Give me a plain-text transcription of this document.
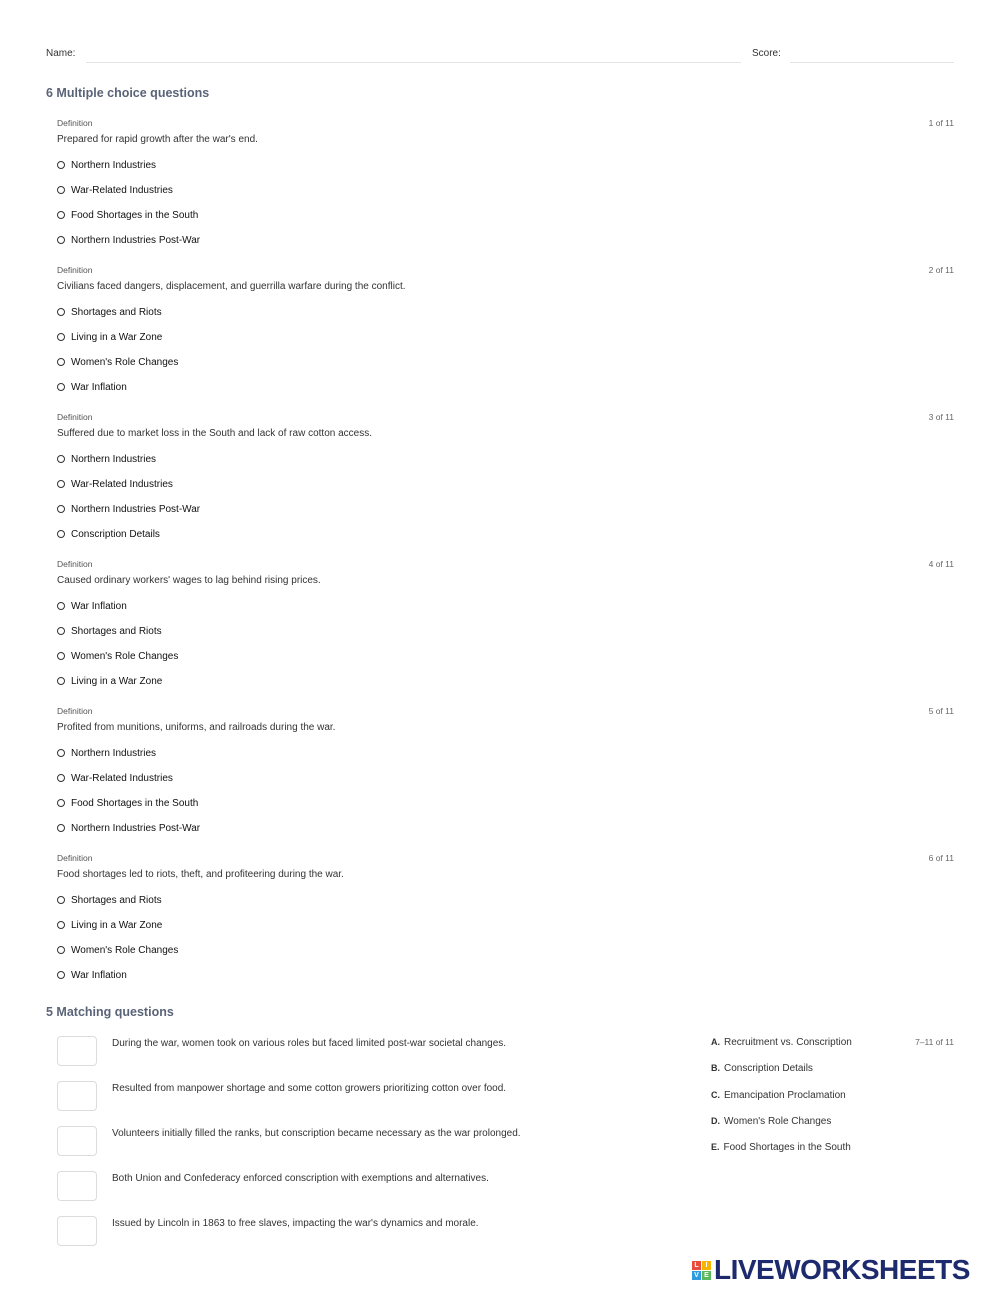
Name:	Score:
6 Multiple choice questions
Definition	1 of 11
Prepared for rapid growth after the war's end.
Northern Industries
War-Related Industries
Food Shortages in the South
Northern Industries Post-War
Definition	2 of 11
Civilians faced dangers, displacement, and guerrilla warfare during the conflict.
Shortages and Riots
Living in a War Zone
Women's Role Changes
War Inflation
Definition	3 of 11
Suffered due to market loss in the South and lack of raw cotton access.
Northern Industries
War-Related Industries
Northern Industries Post-War
Conscription Details
Definition	4 of 11
Caused ordinary workers' wages to lag behind rising prices.
War Inflation
Shortages and Riots
Women's Role Changes
Living in a War Zone
Definition	5 of 11
Profited from munitions, uniforms, and railroads during the war.
Northern Industries
War-Related Industries
Food Shortages in the South
Northern Industries Post-War
Definition	6 of 11
Food shortages led to riots, theft, and profiteering during the war.
Shortages and Riots
Living in a War Zone
Women's Role Changes
War Inflation
5 Matching questions
7–11 of 11
During the war, women took on various roles but faced limited post-war societal changes.
Resulted from manpower shortage and some cotton growers prioritizing cotton over food.
Volunteers initially filled the ranks, but conscription became necessary as the war prolonged.
Both Union and Confederacy enforced conscription with exemptions and alternatives.
Issued by Lincoln in 1863 to free slaves, impacting the war's dynamics and morale.
A. Recruitment vs. Conscription
B. Conscription Details
C. Emancipation Proclamation
D. Women's Role Changes
E. Food Shortages in the South
L I
V E LIVEWORKSHEETS
